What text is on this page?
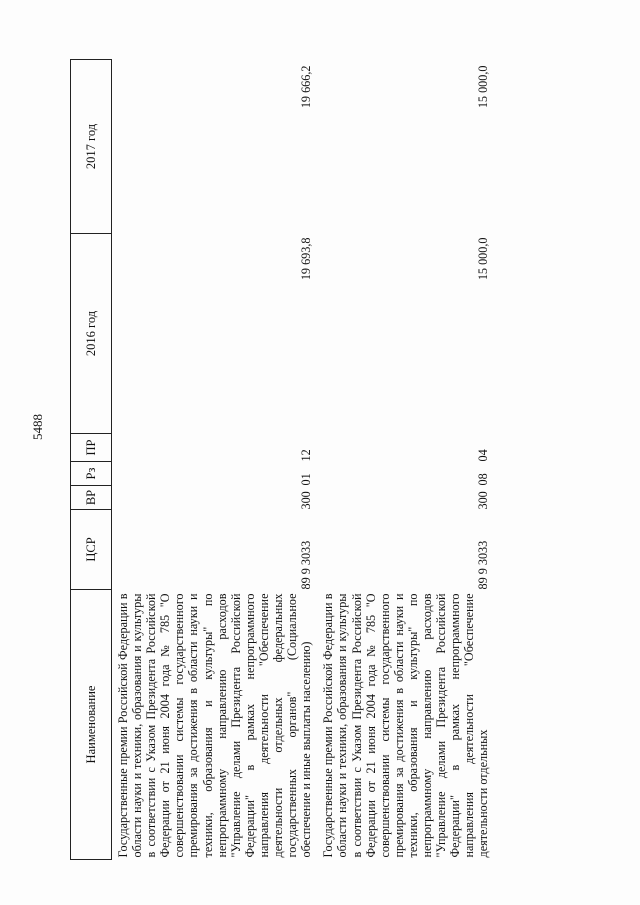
5488
Наименование	ЦСР	ВР	Рз	ПР	2016 год	2017 год

Государственные премии Российской Федерации в области науки и техники, образования и культуры в соответствии с Указом Президента Российской Федерации от 21 июня 2004 года № 785 "О совершенствовании системы государственного премирования за достижения в области науки и техники, образования и культуры" по непрограммному направлению расходов "Управление делами Президента Российской Федерации" в рамках непрограммного направления деятельности "Обеспечение деятельности отдельных федеральных государственных органов" (Социальное обеспечение и иные выплаты населению)	89 9 3033	300	01	12	19 693,8	19 666,2

Государственные премии Российской Федерации в области науки и техники, образования и культуры в соответствии с Указом Президента Российской Федерации от 21 июня 2004 года № 785 "О совершенствовании системы государственного премирования за достижения в области науки и техники, образования и культуры" по непрограммному направлению расходов "Управление делами Президента Российской Федерации" в рамках непрограммного направления деятельности "Обеспечение деятельности отдельных	89 9 3033	300	08	04	15 000,0	15 000,0
